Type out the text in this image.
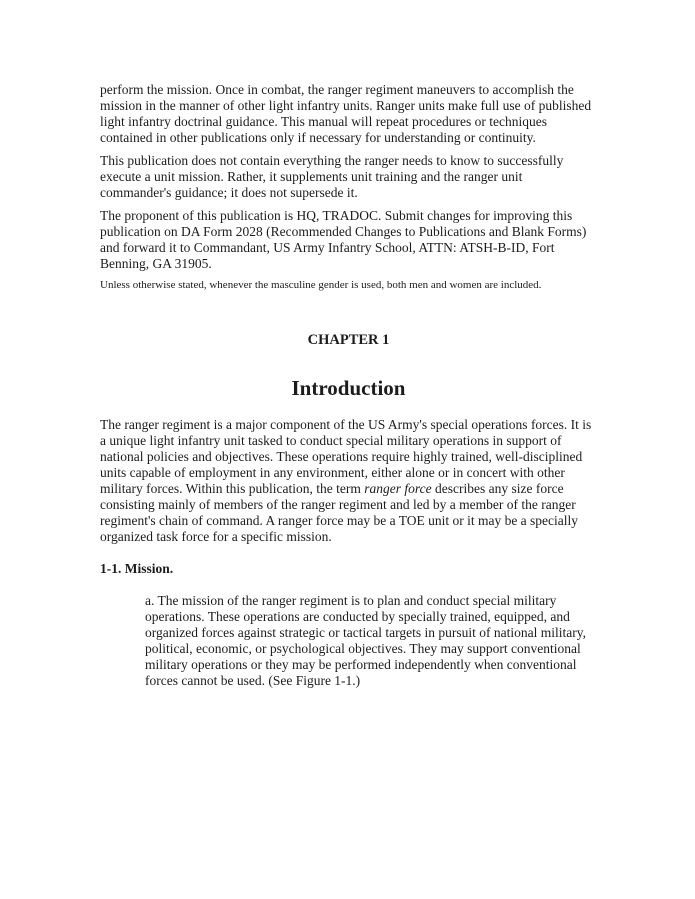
perform the mission. Once in combat, the ranger regiment maneuvers to accomplish the mission in the manner of other light infantry units. Ranger units make full use of published light infantry doctrinal guidance. This manual will repeat procedures or techniques contained in other publications only if necessary for understanding or continuity.

This publication does not contain everything the ranger needs to know to successfully execute a unit mission. Rather, it supplements unit training and the ranger unit commander's guidance; it does not supersede it.

The proponent of this publication is HQ, TRADOC. Submit changes for improving this publication on DA Form 2028 (Recommended Changes to Publications and Blank Forms) and forward it to Commandant, US Army Infantry School, ATTN: ATSH-B-ID, Fort Benning, GA 31905.

Unless otherwise stated, whenever the masculine gender is used, both men and women are included.

CHAPTER 1
Introduction

The ranger regiment is a major component of the US Army's special operations forces. It is a unique light infantry unit tasked to conduct special military operations in support of national policies and objectives. These operations require highly trained, well-disciplined units capable of employment in any environment, either alone or in concert with other military forces. Within this publication, the term ranger force describes any size force consisting mainly of members of the ranger regiment and led by a member of the ranger regiment's chain of command. A ranger force may be a TOE unit or it may be a specially organized task force for a specific mission.

1-1. Mission.

a. The mission of the ranger regiment is to plan and conduct special military operations. These operations are conducted by specially trained, equipped, and organized forces against strategic or tactical targets in pursuit of national military, political, economic, or psychological objectives. They may support conventional military operations or they may be performed independently when conventional forces cannot be used. (See Figure 1-1.)
